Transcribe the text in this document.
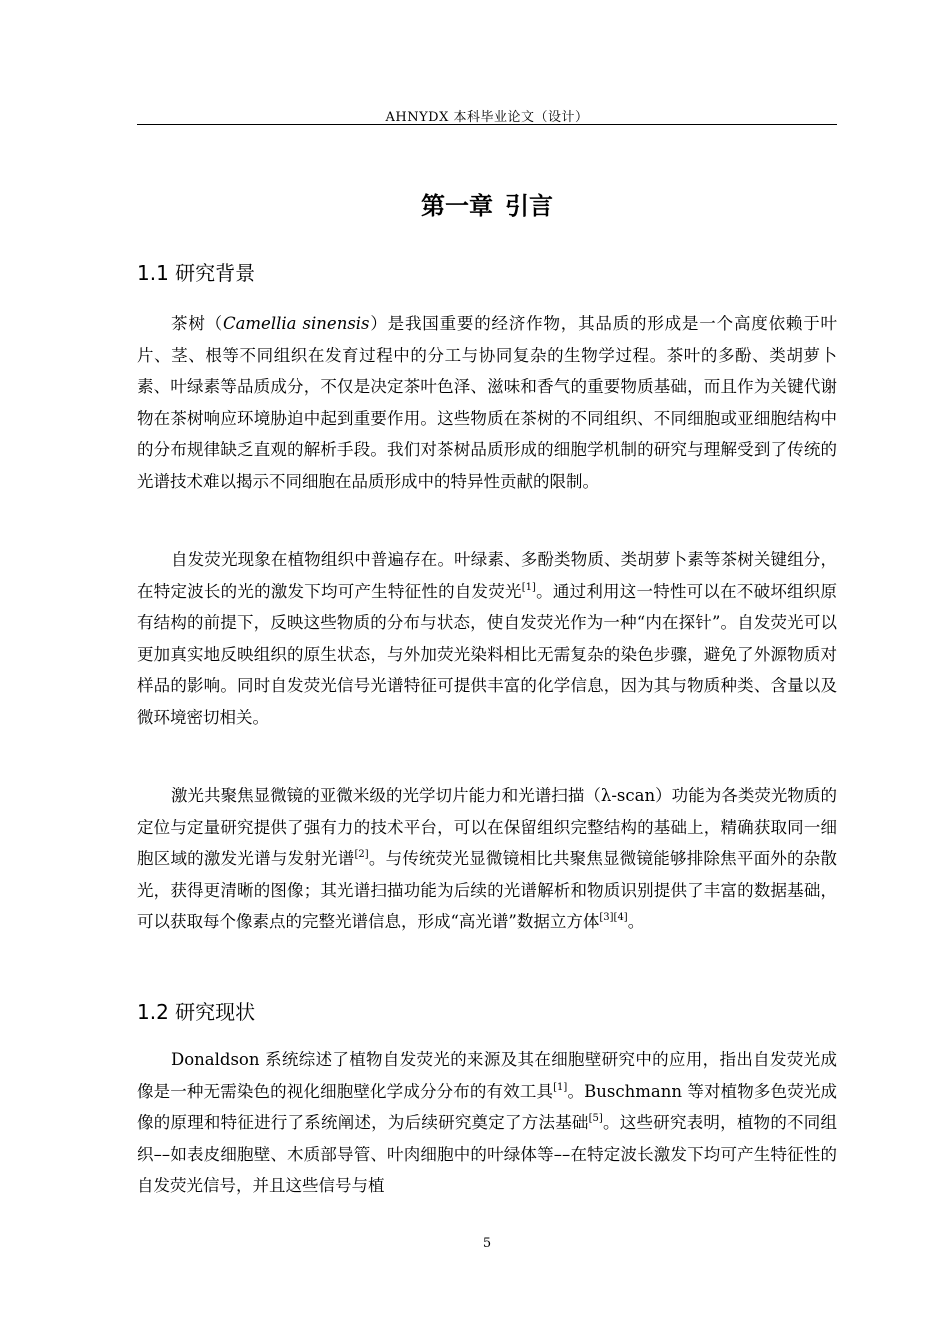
AHNYDX 本科毕业论文（设计）
第一章 引言
1.1 研究背景
茶树（Camellia sinensis）是我国重要的经济作物，其品质的形成是一个高度依赖于叶片、茎、根等不同组织在发育过程中的分工与协同复杂的生物学过程。茶叶的多酚、类胡萝卜素、叶绿素等品质成分，不仅是决定茶叶色泽、滋味和香气的重要物质基础，而且作为关键代谢物在茶树响应环境胁迫中起到重要作用。这些物质在茶树的不同组织、不同细胞或亚细胞结构中的分布规律缺乏直观的解析手段。我们对茶树品质形成的细胞学机制的研究与理解受到了传统的光谱技术难以揭示不同细胞在品质形成中的特异性贡献的限制。
自发荧光现象在植物组织中普遍存在。叶绿素、多酚类物质、类胡萝卜素等茶树关键组分，在特定波长的光的激发下均可产生特征性的自发荧光[1]。通过利用这一特性可以在不破坏组织原有结构的前提下，反映这些物质的分布与状态，使自发荧光作为一种“内在探针”。自发荧光可以更加真实地反映组织的原生状态，与外加荧光染料相比无需复杂的染色步骤，避免了外源物质对样品的影响。同时自发荧光信号光谱特征可提供丰富的化学信息，因为其与物质种类、含量以及微环境密切相关。
激光共聚焦显微镜的亚微米级的光学切片能力和光谱扫描（λ-scan）功能为各类荧光物质的定位与定量研究提供了强有力的技术平台，可以在保留组织完整结构的基础上，精确获取同一细胞区域的激发光谱与发射光谱[2]。与传统荧光显微镜相比共聚焦显微镜能够排除焦平面外的杂散光，获得更清晰的图像；其光谱扫描功能为后续的光谱解析和物质识别提供了丰富的数据基础，可以获取每个像素点的完整光谱信息，形成“高光谱”数据立方体[3][4]。
1.2 研究现状
Donaldson 系统综述了植物自发荧光的来源及其在细胞壁研究中的应用，指出自发荧光成像是一种无需染色的视化细胞壁化学成分分布的有效工具[1]。Buschmann 等对植物多色荧光成像的原理和特征进行了系统阐述，为后续研究奠定了方法基础[5]。这些研究表明，植物的不同组织––如表皮细胞壁、木质部导管、叶肉细胞中的叶绿体等––在特定波长激发下均可产生特征性的自发荧光信号，并且这些信号与植
5
